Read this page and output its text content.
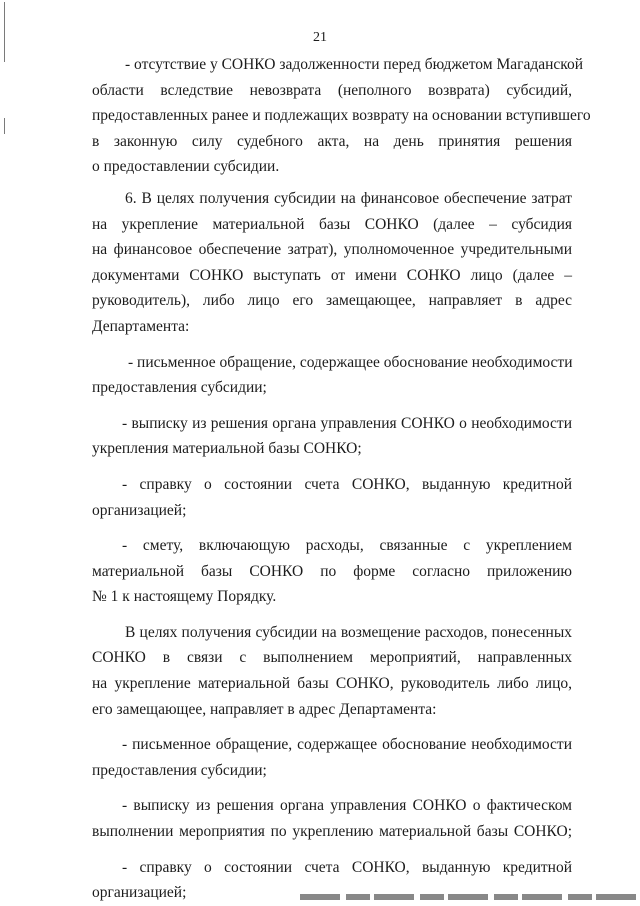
21
- отсутствие у СОНКО задолженности перед бюджетом Магаданской
области вследствие невозврата (неполного возврата) субсидий,
предоставленных ранее и подлежащих возврату на основании вступившего
в законную силу судебного акта, на день принятия решения
о предоставлении субсидии.
6. В целях получения субсидии на финансовое обеспечение затрат
на укрепление материальной базы СОНКО (далее – субсидия
на финансовое обеспечение затрат), уполномоченное учредительными
документами СОНКО выступать от имени СОНКО лицо (далее –
руководитель), либо лицо его замещающее, направляет в адрес
Департамента:
- письменное обращение, содержащее обоснование необходимости
предоставления субсидии;
- выписку из решения органа управления СОНКО о необходимости
укрепления материальной базы СОНКО;
- справку о состоянии счета СОНКО, выданную кредитной
организацией;
- смету, включающую расходы, связанные с укреплением
материальной базы СОНКО по форме согласно приложению
№ 1 к настоящему Порядку.
В целях получения субсидии на возмещение расходов, понесенных
СОНКО в связи с выполнением мероприятий, направленных
на укрепление материальной базы СОНКО, руководитель либо лицо,
его замещающее, направляет в адрес Департамента:
- письменное обращение, содержащее обоснование необходимости
предоставления субсидии;
- выписку из решения органа управления СОНКО о фактическом
выполнении мероприятия по укреплению материальной базы СОНКО;
- справку о состоянии счета СОНКО, выданную кредитной
организацией;
